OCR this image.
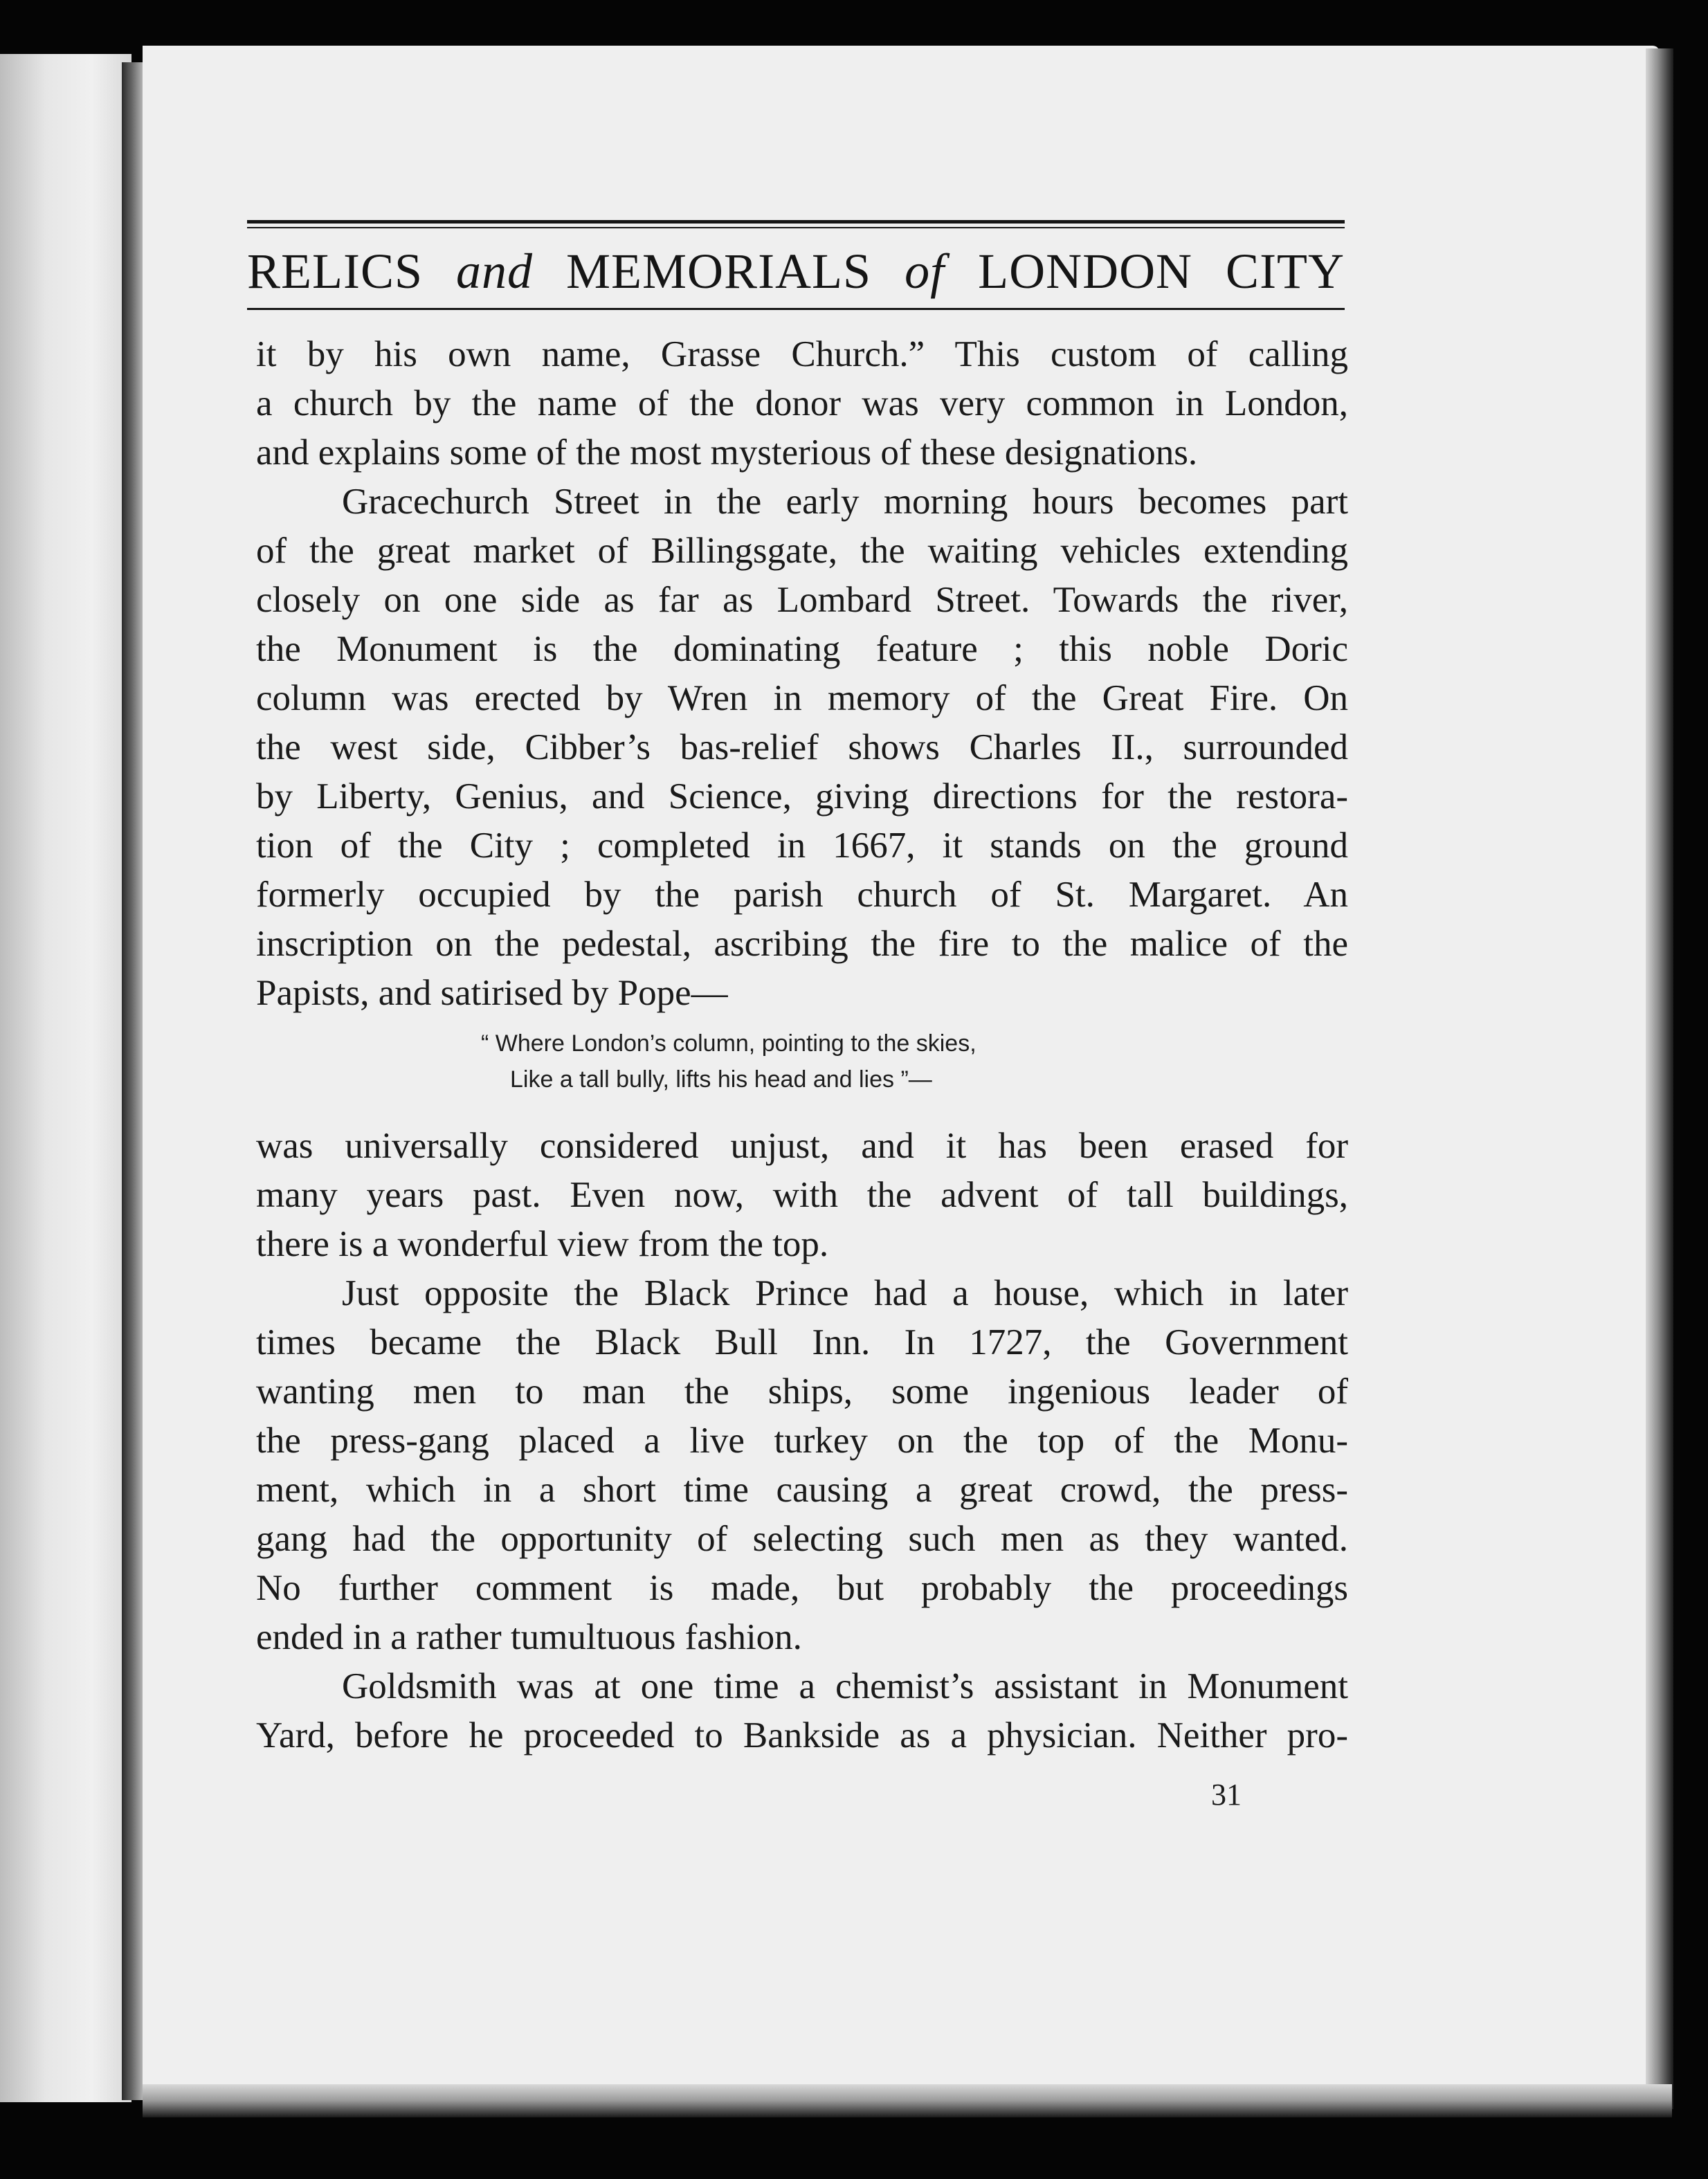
RELICS and MEMORIALS of LONDON CITY
it by his own name, Grasse Church.” This custom of calling
a church by the name of the donor was very common in London,
and explains some of the most mysterious of these designations.
Gracechurch Street in the early morning hours becomes part
of the great market of Billingsgate, the waiting vehicles extending
closely on one side as far as Lombard Street. Towards the river,
the Monument is the dominating feature ; this noble Doric
column was erected by Wren in memory of the Great Fire. On
the west side, Cibber’s bas-relief shows Charles II., surrounded
by Liberty, Genius, and Science, giving directions for the restora-
tion of the City ; completed in 1667, it stands on the ground
formerly occupied by the parish church of St. Margaret. An
inscription on the pedestal, ascribing the fire to the malice of the
Papists, and satirised by Pope—
“ Where London’s column, pointing to the skies,
Like a tall bully, lifts his head and lies ”—
was universally considered unjust, and it has been erased for
many years past. Even now, with the advent of tall buildings,
there is a wonderful view from the top.
Just opposite the Black Prince had a house, which in later
times became the Black Bull Inn. In 1727, the Government
wanting men to man the ships, some ingenious leader of
the press-gang placed a live turkey on the top of the Monu-
ment, which in a short time causing a great crowd, the press-
gang had the opportunity of selecting such men as they wanted.
No further comment is made, but probably the proceedings
ended in a rather tumultuous fashion.
Goldsmith was at one time a chemist’s assistant in Monument
Yard, before he proceeded to Bankside as a physician. Neither pro-
31
